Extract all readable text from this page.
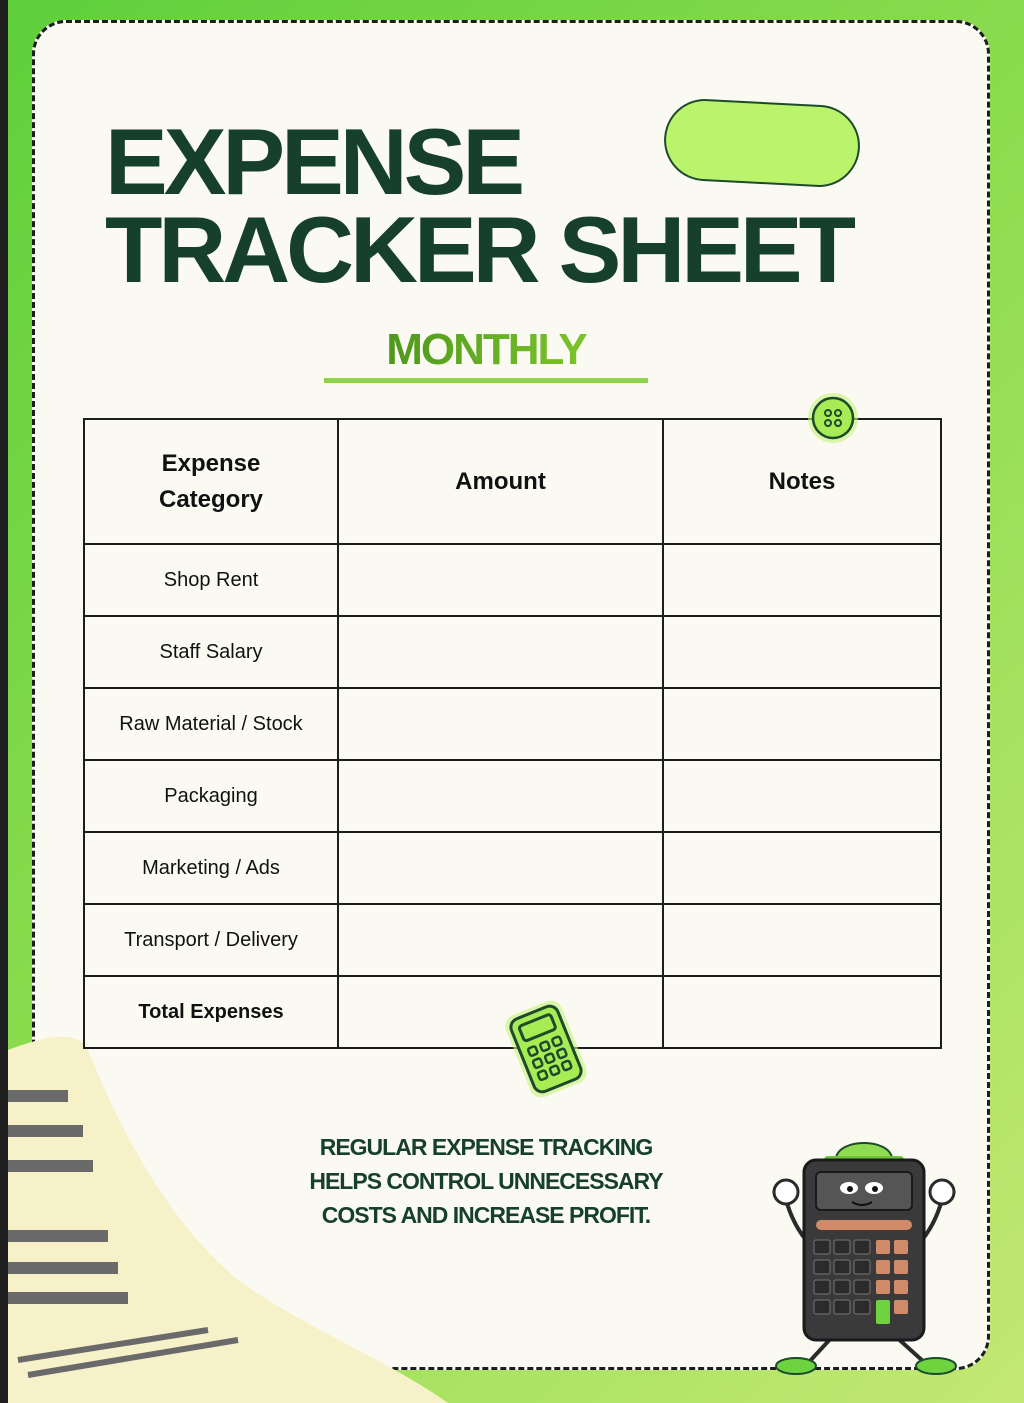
EXPENSE
TRACKER SHEET
MONTHLY
Expense Category	Amount	Notes
Shop Rent		
Staff Salary		
Raw Material / Stock		
Packaging		
Marketing / Ads		
Transport / Delivery		
Total Expenses		
REGULAR EXPENSE TRACKING
HELPS CONTROL UNNECESSARY
COSTS AND INCREASE PROFIT.
